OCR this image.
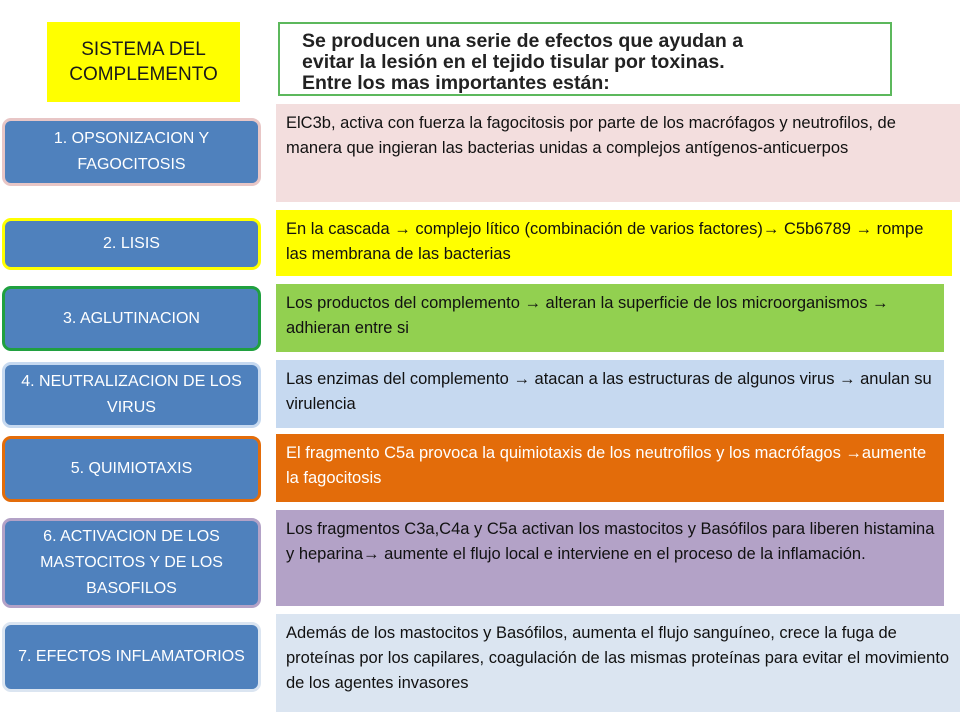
SISTEMA DEL
COMPLEMENTO
Se producen una serie de efectos que ayudan a
evitar la lesión en el tejido tisular por toxinas.
Entre los mas importantes están:
1. OPSONIZACION Y FAGOCITOSIS
ElC3b, activa con fuerza la fagocitosis por parte de los macrófagos y neutrofilos, de manera que ingieran las bacterias unidas a complejos antígenos-anticuerpos
2. LISIS
En la cascada → complejo lítico (combinación de varios factores)→ C5b6789 → rompe las membrana de las bacterias
3. AGLUTINACION
Los productos del complemento → alteran la superficie de los microorganismos → adhieran entre si
4. NEUTRALIZACION DE LOS VIRUS
Las enzimas del complemento → atacan a las estructuras de algunos virus → anulan su virulencia
5. QUIMIOTAXIS
El fragmento C5a provoca la quimiotaxis de los neutrofilos y los macrófagos →aumente la fagocitosis
6. ACTIVACION DE LOS MASTOCITOS Y DE LOS BASOFILOS
Los fragmentos C3a,C4a y C5a activan los mastocitos y Basófilos para liberen histamina y heparina→ aumente el flujo local e interviene en el proceso de la inflamación.
7. EFECTOS INFLAMATORIOS
Además de los mastocitos y Basófilos, aumenta el flujo sanguíneo, crece la fuga de proteínas por los capilares, coagulación de las mismas proteínas para evitar el movimiento de los agentes invasores
